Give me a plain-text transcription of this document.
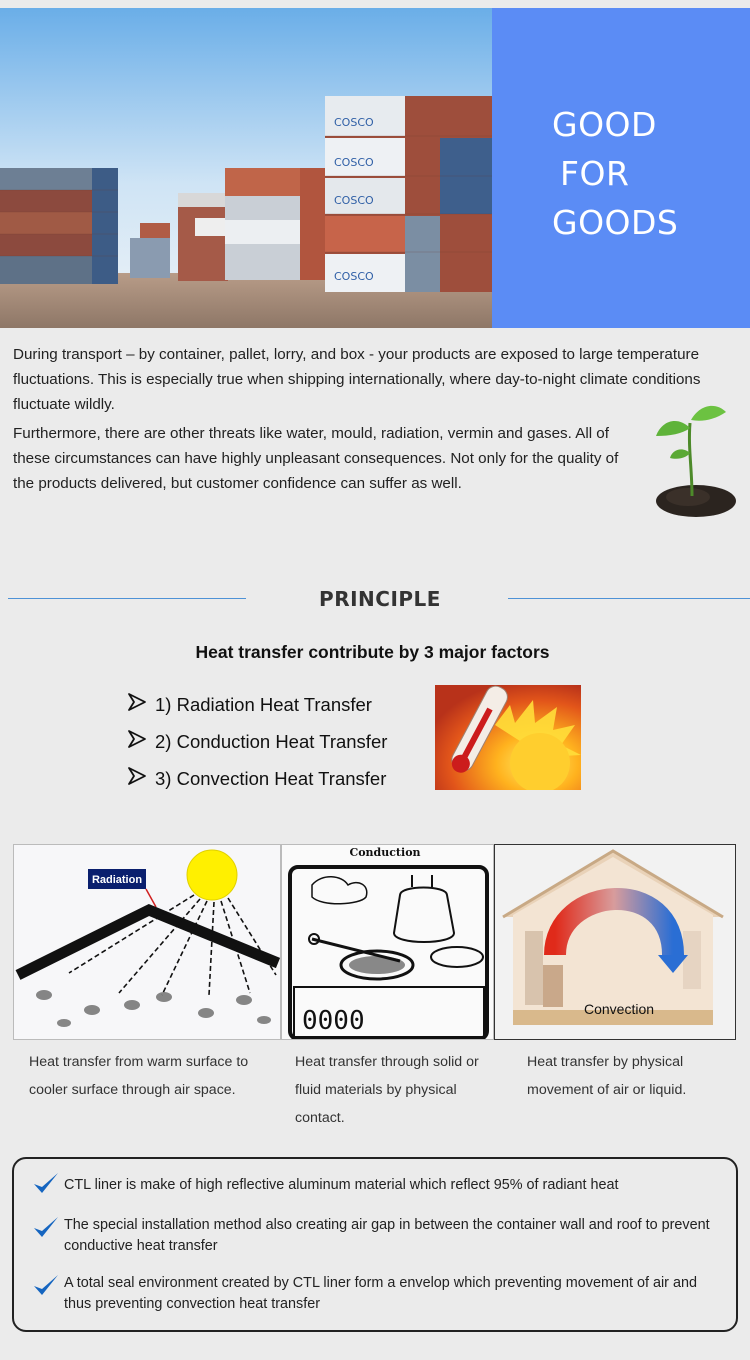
COSCO
COSCO
COSCO
COSCO
GOOD
FOR
GOODS

During transport – by container, pallet, lorry, and box - your products are exposed to large temperature fluctuations. This is especially true when shipping internationally, where day-to-night climate conditions fluctuate wildly.

Furthermore, there are other threats like water, mould, radiation, vermin and gases. All of these circumstances can have highly unpleasant consequences. Not only for the quality of the products delivered, but customer confidence can suffer as well.

PRINCIPLE
Heat transfer contribute by 3 major factors
1) Radiation Heat Transfer
2) Conduction Heat Transfer
3) Convection Heat Transfer
Radiation
Conduction
0000	Convection
Heat transfer from warm surface to cooler surface through air space.
Heat transfer through solid or fluid materials by physical contact.
Heat transfer by physical movement of air or liquid.
CTL liner is make of high reflective aluminum material which reflect 95% of radiant heat
The special installation method also creating air gap in between the container wall and roof to prevent conductive heat transfer
A total seal environment created by CTL liner form a envelop which preventing movement of air and thus preventing convection heat transfer
